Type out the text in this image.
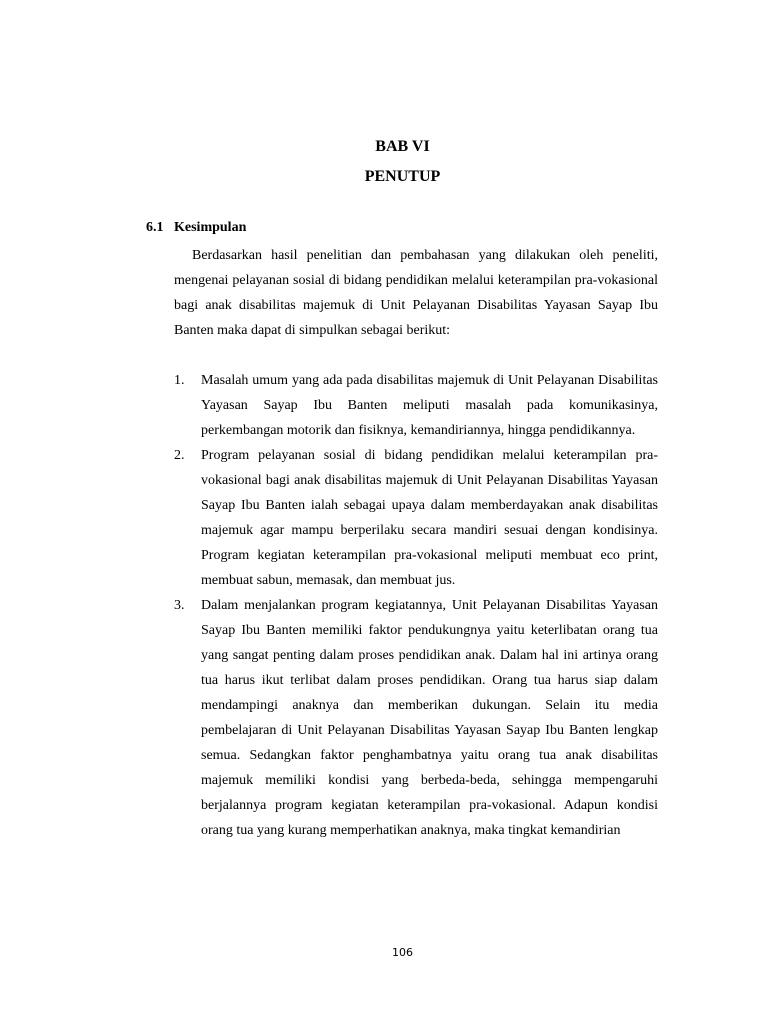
BAB VI
PENUTUP
6.1 Kesimpulan

Berdasarkan hasil penelitian dan pembahasan yang dilakukan oleh peneliti, mengenai pelayanan sosial di bidang pendidikan melalui keterampilan pra-vokasional bagi anak disabilitas majemuk di Unit Pelayanan Disabilitas Yayasan Sayap Ibu Banten maka dapat di simpulkan sebagai berikut:

1. Masalah umum yang ada pada disabilitas majemuk di Unit Pelayanan Disabilitas Yayasan Sayap Ibu Banten meliputi masalah pada komunikasinya, perkembangan motorik dan fisiknya, kemandiriannya, hingga pendidikannya.
2. Program pelayanan sosial di bidang pendidikan melalui keterampilan pra-vokasional bagi anak disabilitas majemuk di Unit Pelayanan Disabilitas Yayasan Sayap Ibu Banten ialah sebagai upaya dalam memberdayakan anak disabilitas majemuk agar mampu berperilaku secara mandiri sesuai dengan kondisinya. Program kegiatan keterampilan pra-vokasional meliputi membuat eco print, membuat sabun, memasak, dan membuat jus.
3. Dalam menjalankan program kegiatannya, Unit Pelayanan Disabilitas Yayasan Sayap Ibu Banten memiliki faktor pendukungnya yaitu keterlibatan orang tua yang sangat penting dalam proses pendidikan anak. Dalam hal ini artinya orang tua harus ikut terlibat dalam proses pendidikan. Orang tua harus siap dalam mendampingi anaknya dan memberikan dukungan. Selain itu media pembelajaran di Unit Pelayanan Disabilitas Yayasan Sayap Ibu Banten lengkap semua. Sedangkan faktor penghambatnya yaitu orang tua anak disabilitas majemuk memiliki kondisi yang berbeda-beda, sehingga mempengaruhi berjalannya program kegiatan keterampilan pra-vokasional. Adapun kondisi orang tua yang kurang memperhatikan anaknya, maka tingkat kemandirian
106
